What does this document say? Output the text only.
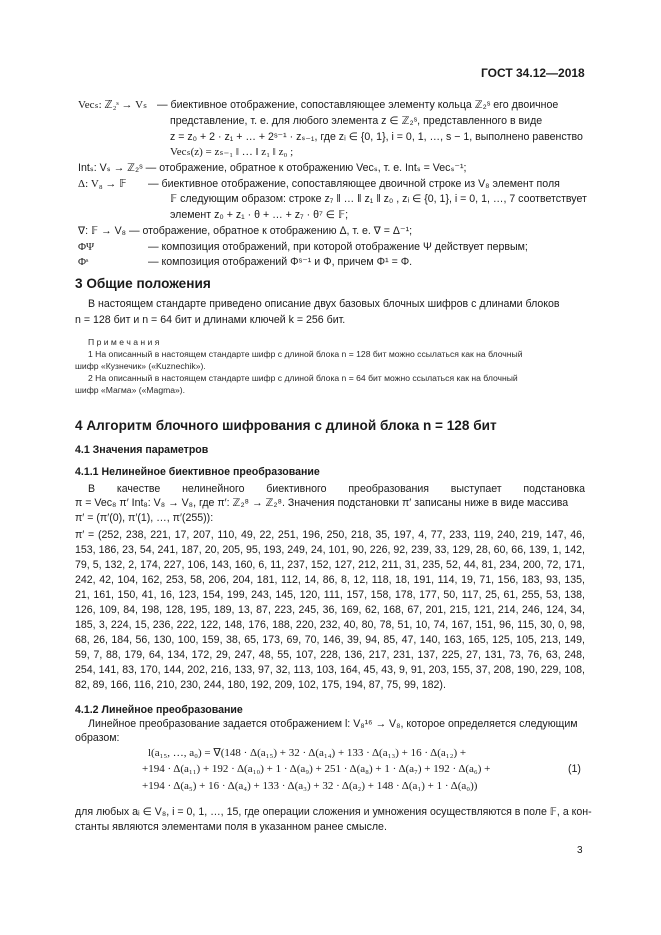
ГОСТ 34.12—2018
Vecₛ: ℤ₂ˢ → Vₛ — биективное отображение, сопоставляющее элементу кольца ℤ₂ˢ его двоичное
представление, т. е. для любого элемента z ∈ ℤ₂ˢ, представленного в виде
z = z₀ + 2 · z₁ + … + 2ˢ⁻¹ · zₛ₋₁, где zᵢ ∈ {0, 1}, i = 0, 1, …, s − 1, выполнено равенство
Vecₛ(z) = zₛ₋₁ ‖ … ‖ z₁ ‖ z₀ ;
Intₛ: Vₛ → ℤ₂ˢ — отображение, обратное к отображению Vecₛ, т. е. Intₛ = Vecₛ⁻¹;
Δ: V₈ → 𝔽 — биективное отображение, сопоставляющее двоичной строке из V₈ элемент поля
𝔽 следующим образом: строке z₇ ‖ … ‖ z₁ ‖ z₀ , zᵢ ∈ {0, 1}, i = 0, 1, …, 7 соответствует
элемент z₀ + z₁ · θ + … + z₇ · θ⁷ ∈ 𝔽;
∇: 𝔽 → V₈ — отображение, обратное к отображению Δ, т. е. ∇ = Δ⁻¹;
ΦΨ	— композиция отображений, при которой отображение Ψ действует первым;
Φˢ	— композиция отображений Φˢ⁻¹ и Φ, причем Φ¹ = Φ.
3 Общие положения
В настоящем стандарте приведено описание двух базовых блочных шифров с длинами блоков
n = 128 бит и n = 64 бит и длинами ключей k = 256 бит.
П р и м е ч а н и я
1 На описанный в настоящем стандарте шифр с длиной блока n = 128 бит можно ссылаться как на блочный
шифр «Кузнечик» («Kuznechik»).
2 На описанный в настоящем стандарте шифр с длиной блока n = 64 бит можно ссылаться как на блочный
шифр «Магма» («Magma»).
4 Алгоритм блочного шифрования с длиной блока n = 128 бит
4.1 Значения параметров
4.1.1 Нелинейное биективное преобразование
В качестве нелинейного биективного преобразования выступает подстановка
π = Vec₈ π′ Int₈: V₈ → V₈, где π′: ℤ₂⁸ → ℤ₂⁸. Значения подстановки π′ записаны ниже в виде массива
π′ = (π′(0), π′(1), …, π′(255)):
π′ = (252, 238, 221, 17, 207, 110, 49, 22, 251, 196, 250, 218, 35, 197, 4, 77, 233, 119, 240, 219, 147, 46, 153, 186, 23, 54, 241, 187, 20, 205, 95, 193, 249, 24, 101, 90, 226, 92, 239, 33, 129, 28, 60, 66, 139, 1, 142, 79, 5, 132, 2, 174, 227, 106, 143, 160, 6, 11, 237, 152, 127, 212, 211, 31, 235, 52, 44, 81, 234, 200, 72, 171, 242, 42, 104, 162, 253, 58, 206, 204, 181, 112, 14, 86, 8, 12, 118, 18, 191, 114, 19, 71, 156, 183, 93, 135, 21, 161, 150, 41, 16, 123, 154, 199, 243, 145, 120, 111, 157, 158, 178, 177, 50, 117, 25, 61, 255, 53, 138, 126, 109, 84, 198, 128, 195, 189, 13, 87, 223, 245, 36, 169, 62, 168, 67, 201, 215, 121, 214, 246, 124, 34, 185, 3, 224, 15, 236, 222, 122, 148, 176, 188, 220, 232, 40, 80, 78, 51, 10, 74, 167, 151, 96, 115, 30, 0, 98, 68, 26, 184, 56, 130, 100, 159, 38, 65, 173, 69, 70, 146, 39, 94, 85, 47, 140, 163, 165, 125, 105, 213, 149, 59, 7, 88, 179, 64, 134, 172, 29, 247, 48, 55, 107, 228, 136, 217, 231, 137, 225, 27, 131, 73, 76, 63, 248, 254, 141, 83, 170, 144, 202, 216, 133, 97, 32, 113, 103, 164, 45, 43, 9, 91, 203, 155, 37, 208, 190, 229, 108, 82, 89, 166, 116, 210, 230, 244, 180, 192, 209, 102, 175, 194, 87, 75, 99, 182).
4.1.2 Линейное преобразование
Линейное преобразование задается отображением l: V₈¹⁶ → V₈, которое определяется следующим
образом:
l(a₁₅, …, a₀) = ∇(148 · Δ(a₁₅) + 32 · Δ(a₁₄) + 133 · Δ(a₁₃) + 16 · Δ(a₁₂) +
+194 · Δ(a₁₁) + 192 · Δ(a₁₀) + 1 · Δ(a₉) + 251 · Δ(a₈) + 1 · Δ(a₇) + 192 · Δ(a₆) +
+194 · Δ(a₅) + 16 · Δ(a₄) + 133 · Δ(a₃) + 32 · Δ(a₂) + 148 · Δ(a₁) + 1 · Δ(a₀))
(1)
для любых aᵢ ∈ V₈, i = 0, 1, …, 15, где операции сложения и умножения осуществляются в поле 𝔽, а кон-
станты являются элементами поля в указанном ранее смысле.
3
